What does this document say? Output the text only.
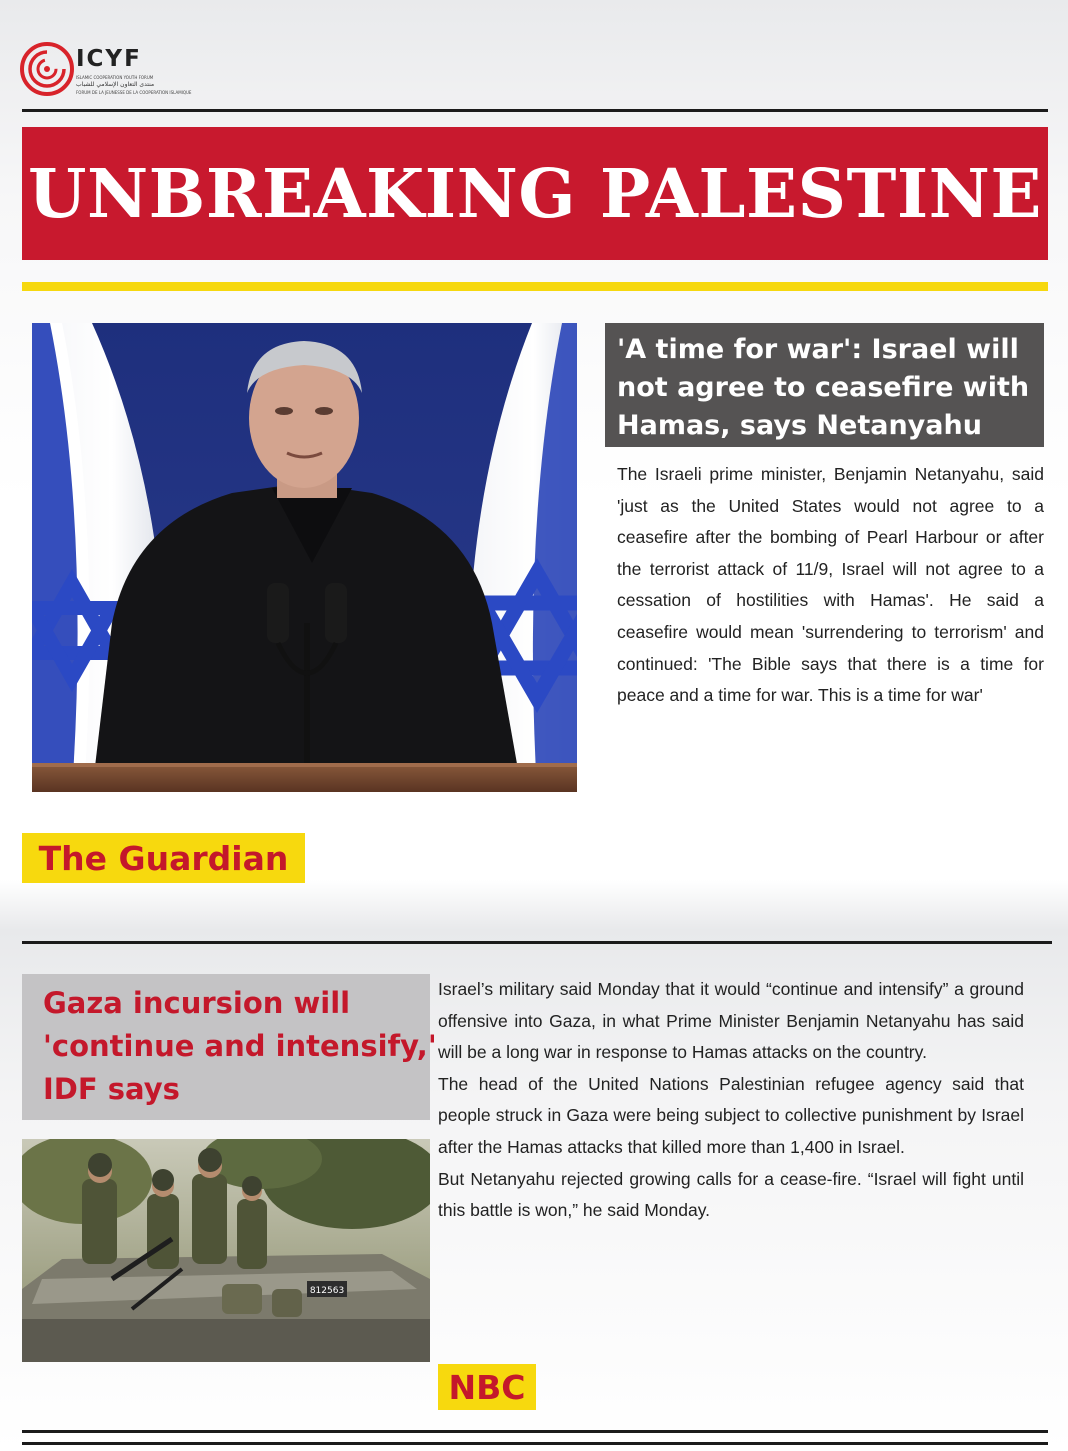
ICYF
ISLAMIC COOPERATION YOUTH FORUM
منتدى التعاون الإسلامي للشباب
FORUM DE LA JEUNESSE DE LA COOPERATION ISLAMIQUE
UNBREAKING PALESTINE
'A time for war': Israel will not agree to ceasefire with Hamas, says Netanyahu
The Israeli prime minister, Benjamin Netanyahu, said 'just as the United States would not agree to a ceasefire after the bombing of Pearl Harbour or after the terrorist attack of 11/9, Israel will not agree to a cessation of hostilities with Hamas'. He said a ceasefire would mean 'surrendering to terrorism' and continued: 'The Bible says that there is a time for peace and a time for war. This is a time for war'
The Guardian
Gaza incursion will
'continue and intensify,'
IDF says
812563

Israel’s military said Monday that it would “continue and intensify” a ground offensive into Gaza, in what Prime Minister Benjamin Netanyahu has said will be a long war in response to Hamas attacks on the country.

The head of the United Nations Palestinian refugee agency said that people struck in Gaza were being subject to collective punishment by Israel after the Hamas attacks that killed more than 1,400 in Israel.

But Netanyahu rejected growing calls for a cease-fire. “Israel will fight until this battle is won,” he said Monday.

NBC
